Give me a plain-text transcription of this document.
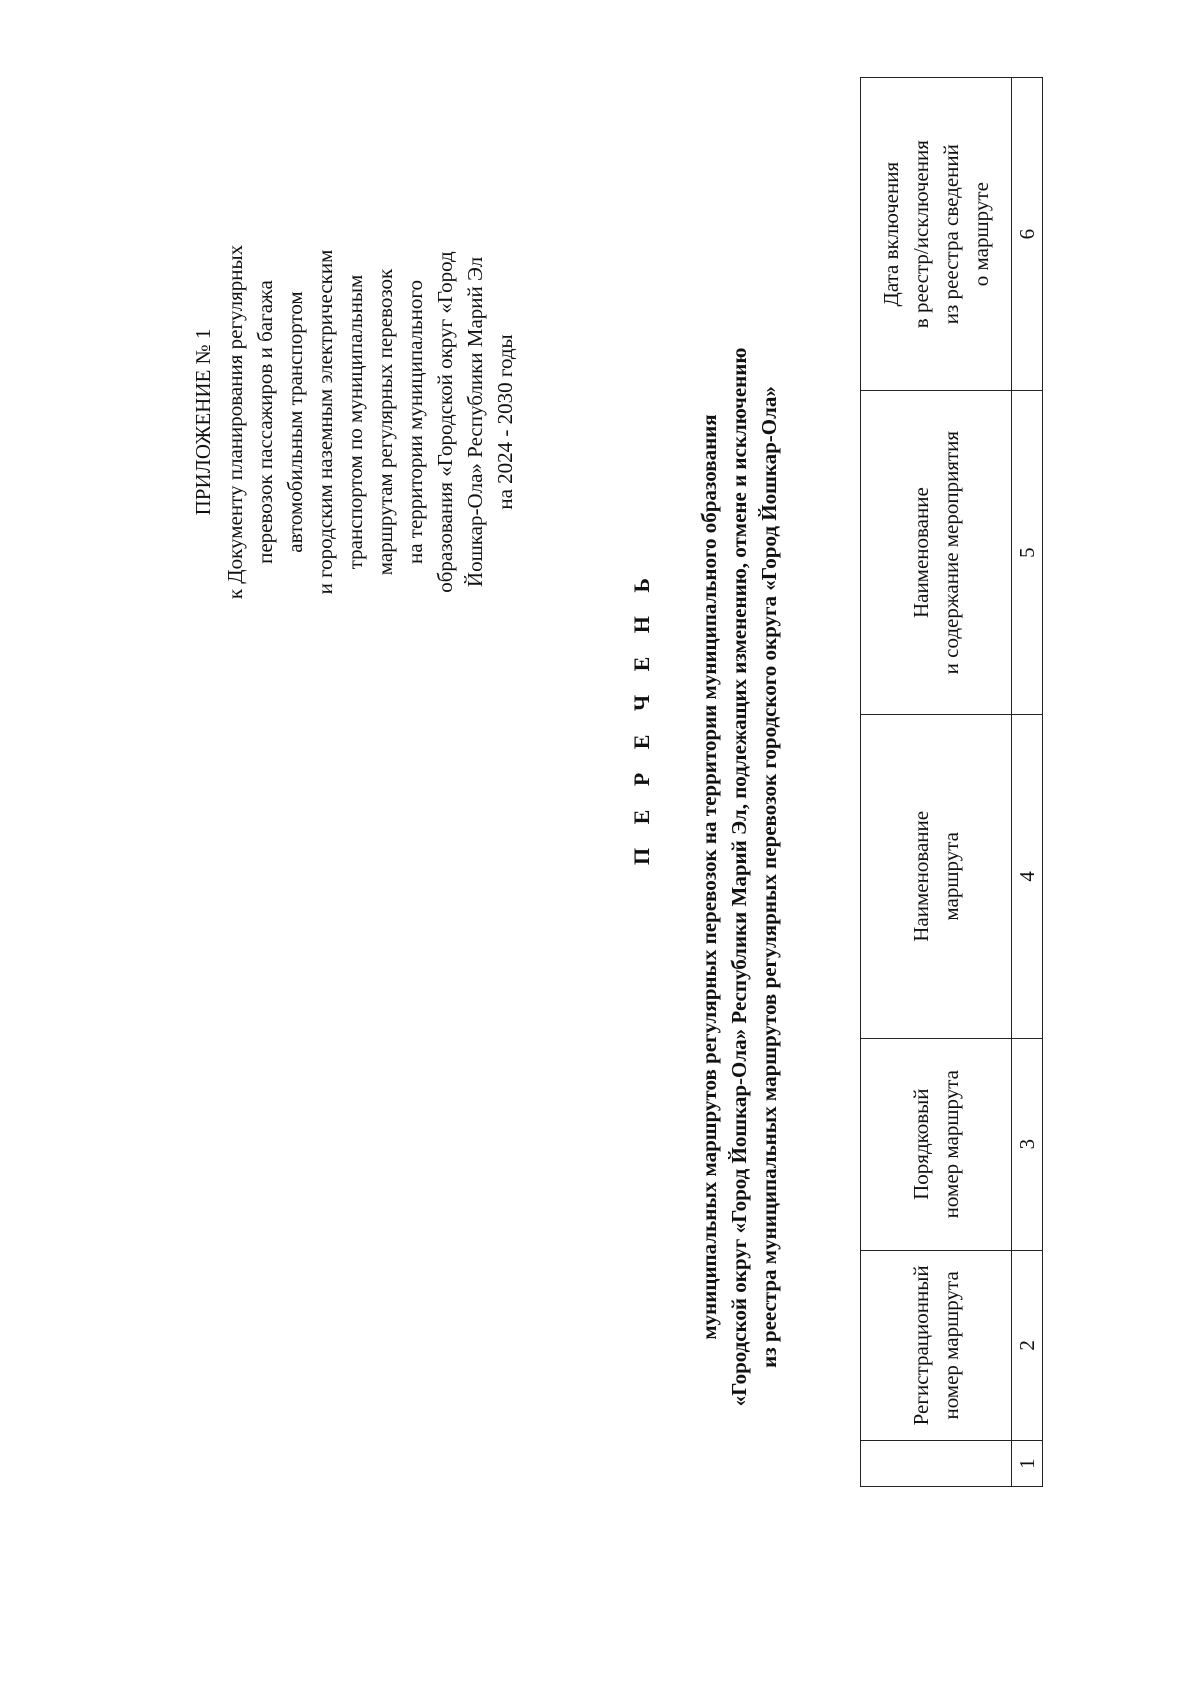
ПРИЛОЖЕНИЕ № 1 к Документу планирования регулярных перевозок пассажиров и багажа автомобильным транспортом и городским наземным электрическим транспортом по муниципальным маршрутам регулярных перевозок на территории муниципального образования «Городской округ «Город Йошкар-Ола» Республики Марий Эл на 2024 - 2030 годы
П Е Р Е Ч Е Н Ь муниципальных маршрутов регулярных перевозок на территории муниципального образования «Городской округ «Город Йошкар-Ола» Республики Марий Эл, подлежащих изменению, отмене и исключению из реестра муниципальных маршрутов регулярных перевозок городского округа «Город Йошкар-Ола»

	Регистрационный номер маршрута	Порядковый номер маршрута	Наименование маршрута	Наименование и содержание мероприятия	Дата включения в реестр/исключения из реестра сведений о маршруте

1	2	3	4	5	6
